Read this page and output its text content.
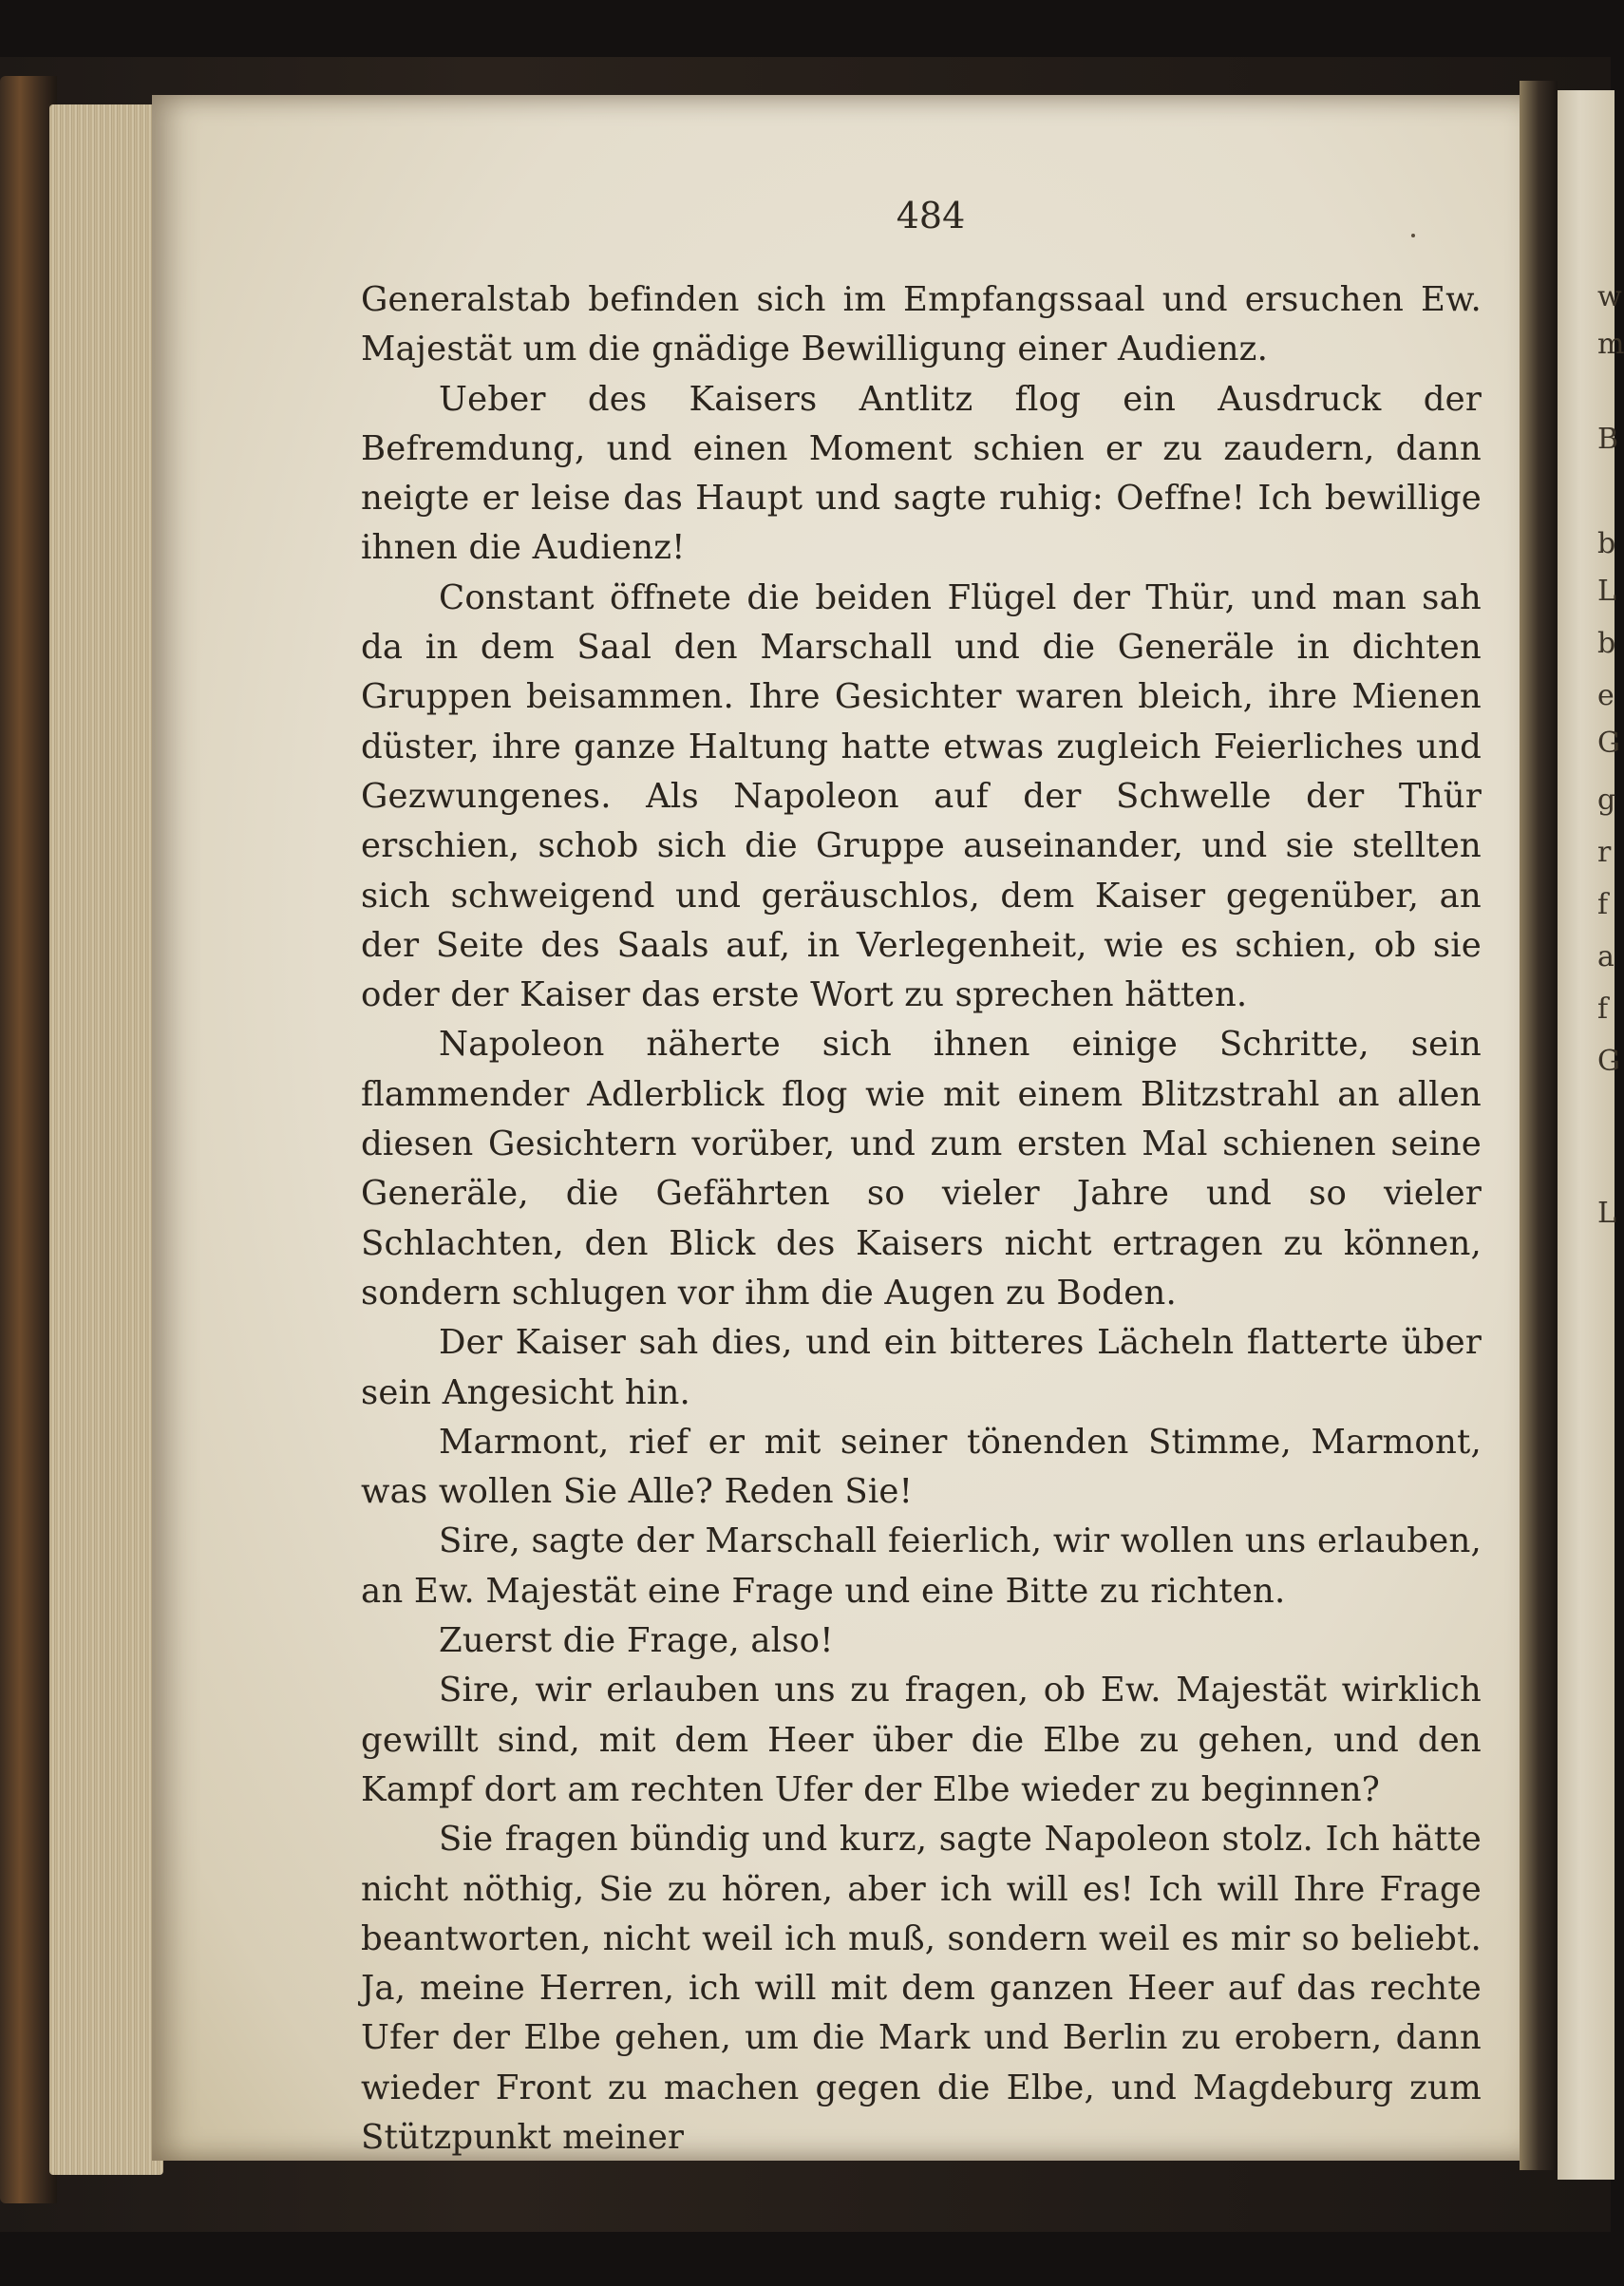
w
m
B
b
L
b
e
G
g
r
f
a
f
G
L
484

Generalstab befinden sich im Empfangssaal und ersuchen Ew. Majestät um die gnädige Bewilligung einer Audienz.

Ueber des Kaisers Antlitz flog ein Ausdruck der Befremdung, und einen Moment schien er zu zaudern, dann neigte er leise das Haupt und sagte ruhig: Oeffne! Ich bewillige ihnen die Audienz!

Constant öffnete die beiden Flügel der Thür, und man sah da in dem Saal den Marschall und die Generäle in dichten Gruppen beisammen. Ihre Gesichter waren bleich, ihre Mienen düster, ihre ganze Haltung hatte etwas zugleich Feierliches und Gezwungenes. Als Napoleon auf der Schwelle der Thür erschien, schob sich die Gruppe auseinander, und sie stellten sich schweigend und geräuschlos, dem Kaiser gegenüber, an der Seite des Saals auf, in Verlegenheit, wie es schien, ob sie oder der Kaiser das erste Wort zu sprechen hätten.

Napoleon näherte sich ihnen einige Schritte, sein flammender Adlerblick flog wie mit einem Blitzstrahl an allen diesen Gesichtern vorüber, und zum ersten Mal schienen seine Generäle, die Gefährten so vieler Jahre und so vieler Schlachten, den Blick des Kaisers nicht ertragen zu können, sondern schlugen vor ihm die Augen zu Boden.

Der Kaiser sah dies, und ein bitteres Lächeln flatterte über sein Angesicht hin.

Marmont, rief er mit seiner tönenden Stimme, Marmont, was wollen Sie Alle? Reden Sie!

Sire, sagte der Marschall feierlich, wir wollen uns erlauben, an Ew. Majestät eine Frage und eine Bitte zu richten.

Zuerst die Frage, also!

Sire, wir erlauben uns zu fragen, ob Ew. Majestät wirklich gewillt sind, mit dem Heer über die Elbe zu gehen, und den Kampf dort am rechten Ufer der Elbe wieder zu beginnen?

Sie fragen bündig und kurz, sagte Napoleon stolz. Ich hätte nicht nöthig, Sie zu hören, aber ich will es! Ich will Ihre Frage beantworten, nicht weil ich muß, sondern weil es mir so beliebt. Ja, meine Herren, ich will mit dem ganzen Heer auf das rechte Ufer der Elbe gehen, um die Mark und Berlin zu erobern, dann wieder Front zu machen gegen die Elbe, und Magdeburg zum Stützpunkt meiner
